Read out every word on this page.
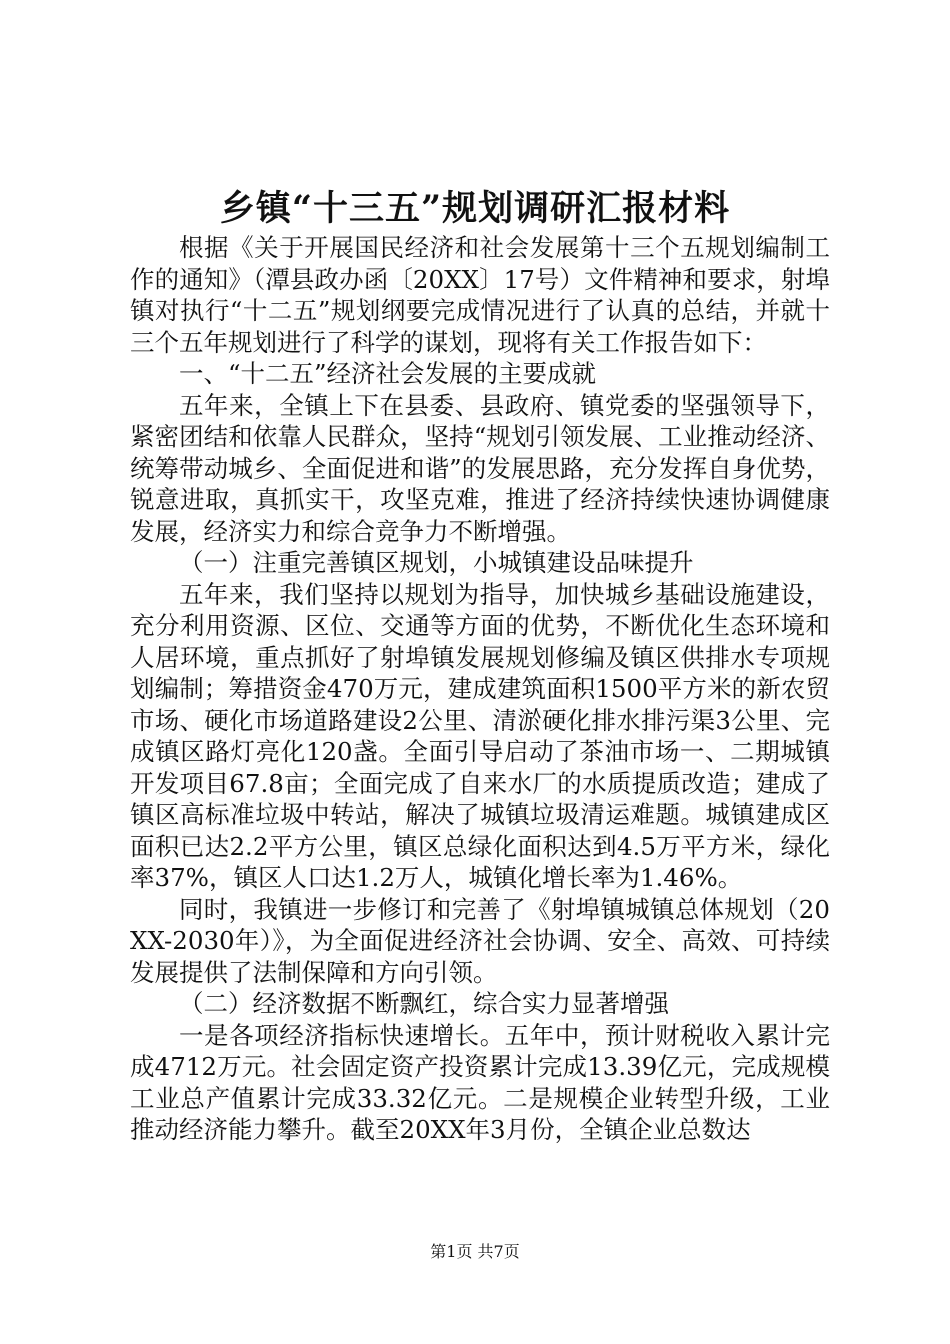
乡镇“十三五”规划调研汇报材料

根据《关于开展国民经济和社会发展第十三个五规划编制工作的通知》（潭县政办函〔20XX〕17号）文件精神和要求，射埠镇对执行“十二五”规划纲要完成情况进行了认真的总结，并就十三个五年规划进行了科学的谋划，现将有关工作报告如下：

一、“十二五”经济社会发展的主要成就

五年来，全镇上下在县委、县政府、镇党委的坚强领导下，紧密团结和依靠人民群众，坚持“规划引领发展、工业推动经济、统筹带动城乡、全面促进和谐”的发展思路，充分发挥自身优势，锐意进取，真抓实干，攻坚克难，推进了经济持续快速协调健康发展，经济实力和综合竞争力不断增强。

（一）注重完善镇区规划，小城镇建设品味提升

五年来，我们坚持以规划为指导，加快城乡基础设施建设，充分利用资源、区位、交通等方面的优势，不断优化生态环境和人居环境，重点抓好了射埠镇发展规划修编及镇区供排水专项规划编制；筹措资金470万元，建成建筑面积1500平方米的新农贸市场、硬化市场道路建设2公里、清淤硬化排水排污渠3公里、完成镇区路灯亮化120盏。全面引导启动了茶油市场一、二期城镇开发项目67.8亩；全面完成了自来水厂的水质提质改造；建成了镇区高标准垃圾中转站，解决了城镇垃圾清运难题。城镇建成区面积已达2.2平方公里，镇区总绿化面积达到4.5万平方米，绿化率37%，镇区人口达1.2万人，城镇化增长率为1.46%。

同时，我镇进一步修订和完善了《射埠镇城镇总体规划（20XX-2030年）》，为全面促进经济社会协调、安全、高效、可持续发展提供了法制保障和方向引领。

（二）经济数据不断飘红，综合实力显著增强

一是各项经济指标快速增长。五年中，预计财税收入累计完成4712万元。社会固定资产投资累计完成13.39亿元，完成规模工业总产值累计完成33.32亿元。二是规模企业转型升级，工业推动经济能力攀升。截至20XX年3月份，全镇企业总数达

第1页 共7页
